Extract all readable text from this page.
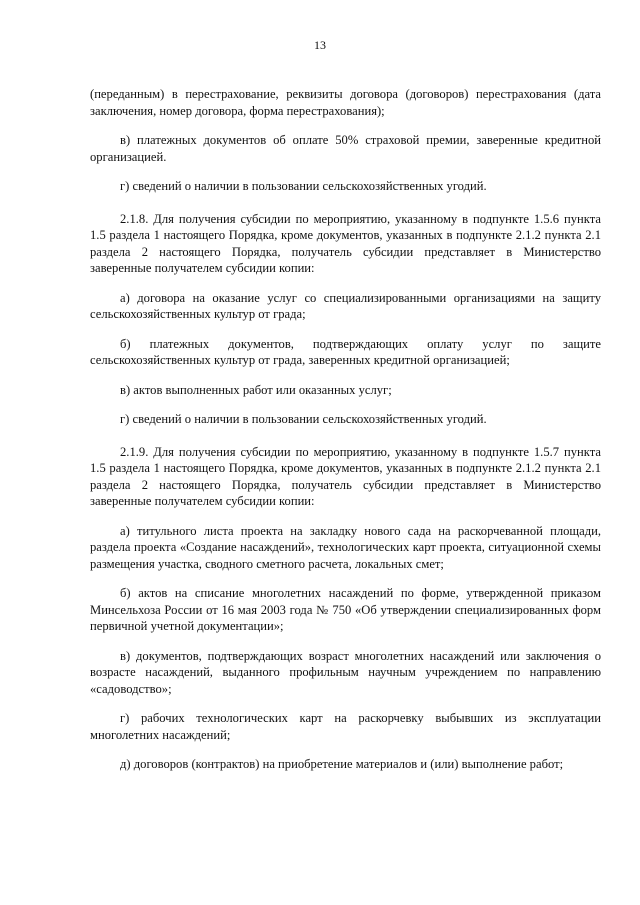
13

(переданным) в перестрахование, реквизиты договора (договоров) перестрахования (дата заключения, номер договора, форма перестрахования);

в) платежных документов об оплате 50% страховой премии, заверенные кредитной организацией.

г) сведений о наличии в пользовании сельскохозяйственных угодий.

2.1.8. Для получения субсидии по мероприятию, указанному в подпункте 1.5.6 пункта 1.5 раздела 1 настоящего Порядка, кроме документов, указанных в подпункте 2.1.2 пункта 2.1 раздела 2 настоящего Порядка, получатель субсидии представляет в Министерство заверенные получателем субсидии копии:

а) договора на оказание услуг со специализированными организациями на защиту сельскохозяйственных культур от града;

б) платежных документов, подтверждающих оплату услуг по защите сельскохозяйственных культур от града, заверенных кредитной организацией;

в) актов выполненных работ или оказанных услуг;

г) сведений о наличии в пользовании сельскохозяйственных угодий.

2.1.9. Для получения субсидии по мероприятию, указанному в подпункте 1.5.7 пункта 1.5 раздела 1 настоящего Порядка, кроме документов, указанных в подпункте 2.1.2 пункта 2.1 раздела 2 настоящего Порядка, получатель субсидии представляет в Министерство заверенные получателем субсидии копии:

а) титульного листа проекта на закладку нового сада на раскорчеванной площади, раздела проекта «Создание насаждений», технологических карт проекта, ситуационной схемы размещения участка, сводного сметного расчета, локальных смет;

б) актов на списание многолетних насаждений по форме, утвержденной приказом Минсельхоза России от 16 мая 2003 года № 750 «Об утверждении специализированных форм первичной учетной документации»;

в) документов, подтверждающих возраст многолетних насаждений или заключения о возрасте насаждений, выданного профильным научным учреждением по направлению «садоводство»;

г) рабочих технологических карт на раскорчевку выбывших из эксплуатации многолетних насаждений;

д) договоров (контрактов) на приобретение материалов и (или) выполнение работ;
